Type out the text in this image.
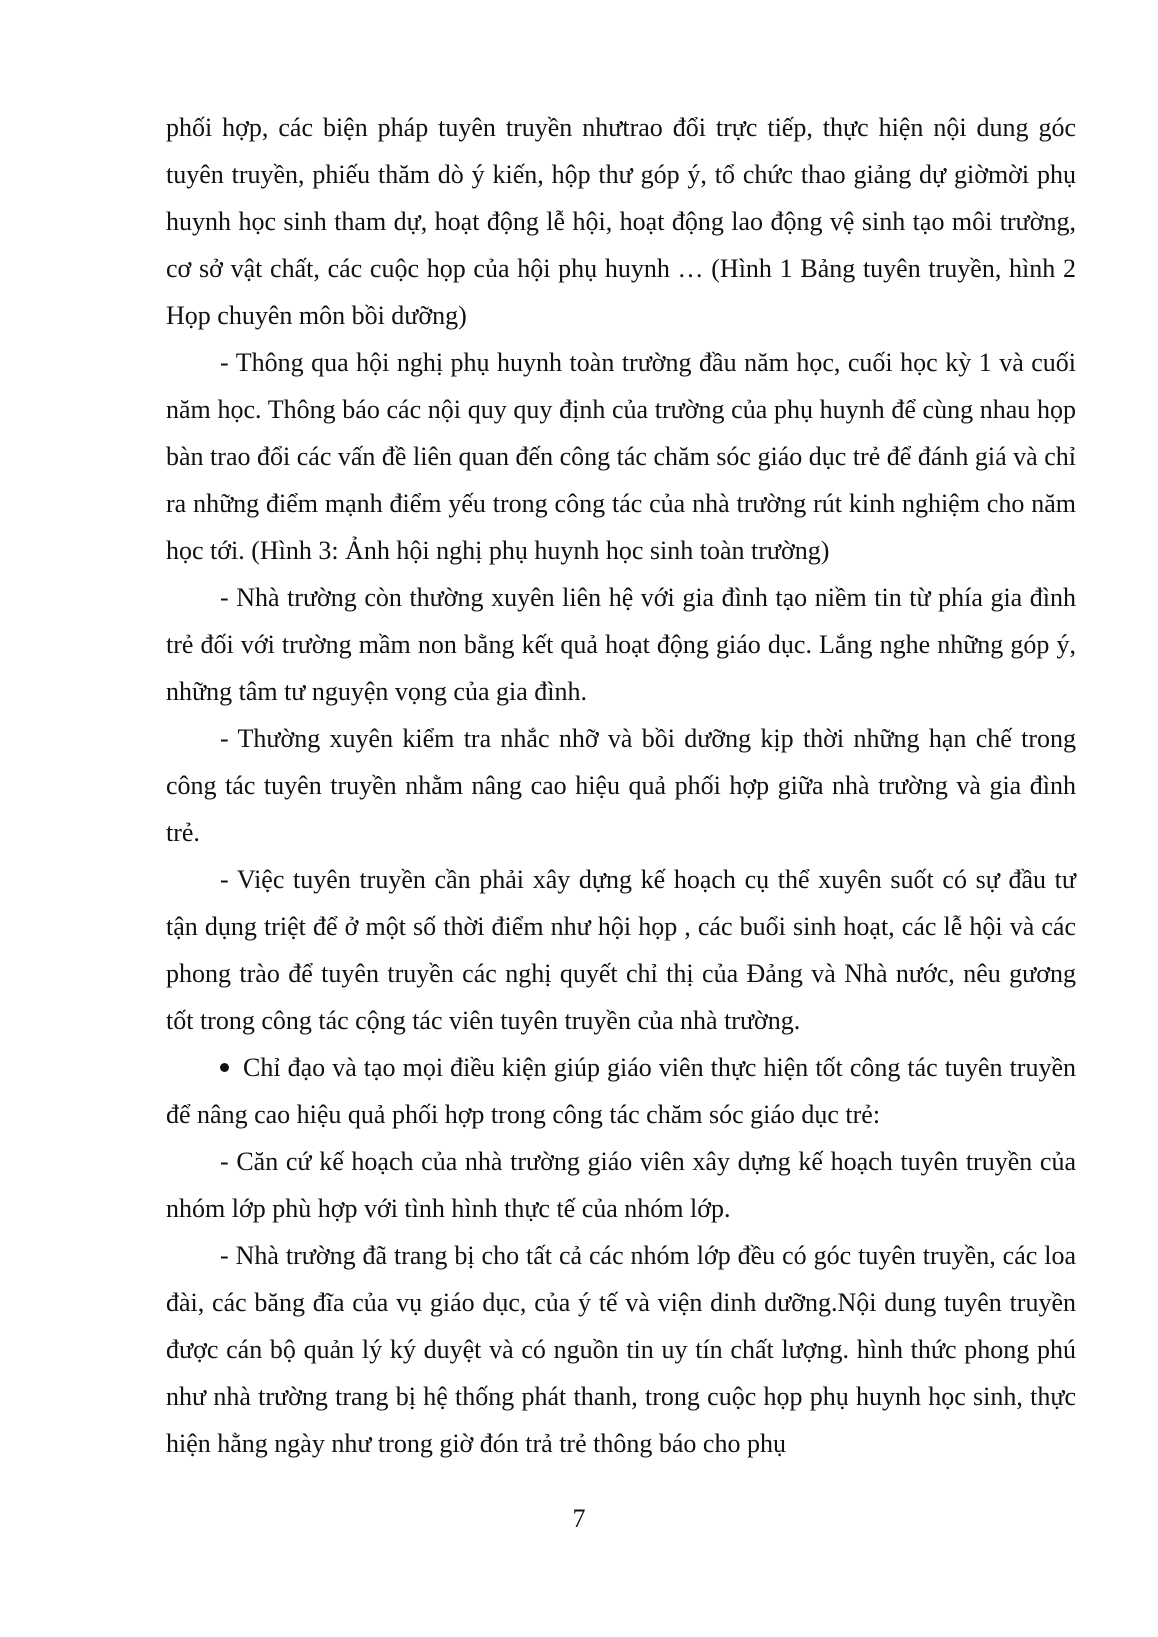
phối hợp, các biện pháp tuyên truyền nhưtrao đổi trực tiếp, thực hiện nội dung góc tuyên truyền, phiếu thăm dò ý kiến, hộp thư góp ý, tổ chức thao giảng dự giờmời phụ huynh học sinh tham dự, hoạt động lễ hội, hoạt động lao động vệ sinh tạo môi trường, cơ sở vật chất, các cuộc họp của hội phụ huynh … (Hình 1 Bảng tuyên truyền, hình 2 Họp chuyên môn bồi dưỡng)

- Thông qua hội nghị phụ huynh toàn trường đầu năm học, cuối học kỳ 1 và cuối năm học. Thông báo các nội quy quy định của trường của phụ huynh để cùng nhau họp bàn trao đổi các vấn đề liên quan đến công tác chăm sóc giáo dục trẻ để đánh giá và chỉ ra những điểm mạnh điểm yếu trong công tác của nhà trường rút kinh nghiệm cho năm học tới. (Hình 3: Ảnh hội nghị phụ huynh học sinh toàn trường)

- Nhà trường còn thường xuyên liên hệ với gia đình tạo niềm tin từ phía gia đình trẻ đối với trường mầm non bằng kết quả hoạt động giáo dục. Lắng nghe những góp ý, những tâm tư nguyện vọng của gia đình.

- Thường xuyên kiểm tra nhắc nhỡ và bồi dưỡng kịp thời những hạn chế trong công tác tuyên truyền nhằm nâng cao hiệu quả phối hợp giữa nhà trường và gia đình trẻ.

- Việc tuyên truyền cần phải xây dựng kế hoạch cụ thể xuyên suốt có sự đầu tư tận dụng triệt để ở một số thời điểm như hội họp , các buổi sinh hoạt, các lễ hội và các phong trào để tuyên truyền các nghị quyết chỉ thị của Đảng và Nhà nước, nêu gương tốt trong công tác cộng tác viên tuyên truyền của nhà trường.

Chỉ đạo và tạo mọi điều kiện giúp giáo viên thực hiện tốt công tác tuyên truyền để nâng cao hiệu quả phối hợp trong công tác chăm sóc giáo dục trẻ:

- Căn cứ kế hoạch của nhà trường giáo viên xây dựng kế hoạch tuyên truyền của nhóm lớp phù hợp với tình hình thực tế của nhóm lớp.

- Nhà trường đã trang bị cho tất cả các nhóm lớp đều có góc tuyên truyền, các loa đài, các băng đĩa của vụ giáo dục, của ý tế và viện dinh dưỡng.Nội dung tuyên truyền được cán bộ quản lý ký duyệt và có nguồn tin uy tín chất lượng. hình thức phong phú như nhà trường trang bị hệ thống phát thanh, trong cuộc họp phụ huynh học sinh, thực hiện hằng ngày như trong giờ đón trả trẻ thông báo cho phụ

7
